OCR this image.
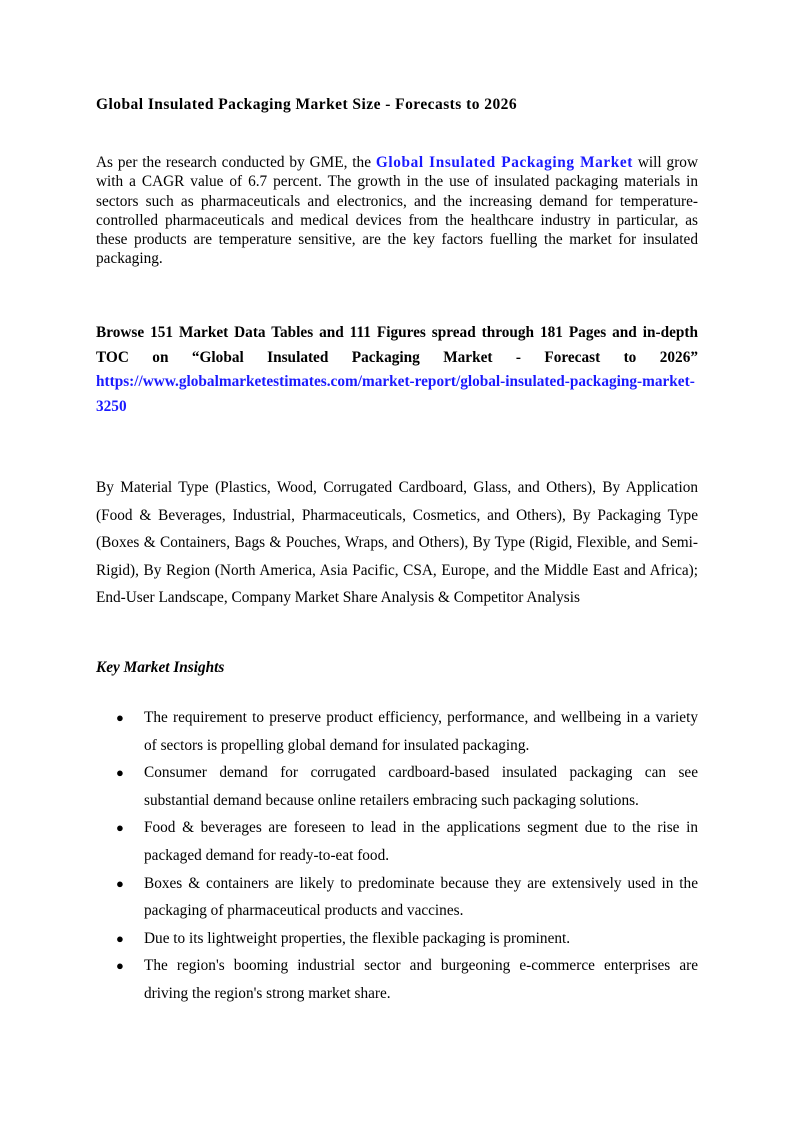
Global Insulated Packaging Market Size - Forecasts to 2026

As per the research conducted by GME, the Global Insulated Packaging Market will grow with a CAGR value of 6.7 percent. The growth in the use of insulated packaging materials in sectors such as pharmaceuticals and electronics, and the increasing demand for temperature-controlled pharmaceuticals and medical devices from the healthcare industry in particular, as these products are temperature sensitive, are the key factors fuelling the market for insulated packaging.

Browse 151 Market Data Tables and 111 Figures spread through 181 Pages and in-depth TOC on “Global Insulated Packaging Market - Forecast to 2026” https://www.globalmarketestimates.com/market-report/global-insulated-packaging-market-3250

By Material Type (Plastics, Wood, Corrugated Cardboard, Glass, and Others), By Application (Food & Beverages, Industrial, Pharmaceuticals, Cosmetics, and Others), By Packaging Type (Boxes & Containers, Bags & Pouches, Wraps, and Others), By Type (Rigid, Flexible, and Semi-Rigid), By Region (North America, Asia Pacific, CSA, Europe, and the Middle East and Africa); End-User Landscape, Company Market Share Analysis & Competitor Analysis

Key Market Insights

● The requirement to preserve product efficiency, performance, and wellbeing in a variety of sectors is propelling global demand for insulated packaging.
● Consumer demand for corrugated cardboard-based insulated packaging can see substantial demand because online retailers embracing such packaging solutions.
● Food & beverages are foreseen to lead in the applications segment due to the rise in packaged demand for ready-to-eat food.
● Boxes & containers are likely to predominate because they are extensively used in the packaging of pharmaceutical products and vaccines.
● Due to its lightweight properties, the flexible packaging is prominent.
● The region's booming industrial sector and burgeoning e-commerce enterprises are driving the region's strong market share.
